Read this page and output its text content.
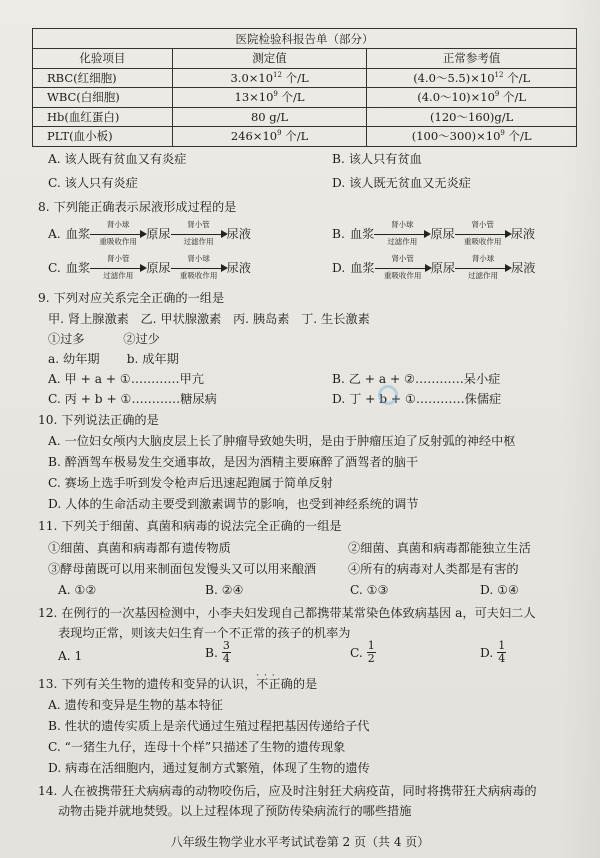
医院检验科报告单（部分）		
化验项目	测定值	正常参考值
RBC(红细胞)	$3.0\times 10^{12}$ 个/L	$(4.0\sim 5.5)\times 10^{12}$ 个/L
WBC(白细胞)	$13\times 10^9$ 个/L	$(4.0\sim 10)\times 10^9$ 个/L
Hb(血红蛋白)	80 g/L	(120～160)g/L
PLT(血小板)	$246\times 10^9$ 个/L	$(100\sim 300)\times 10^9$ 个/L
A. 该人既有贫血又有炎症	B. 该人只有贫血
C. 该人只有炎症	D. 该人既无贫血又无炎症
8. 下列能正确表示尿液形成过程的是
A.
血浆
肾小球
重吸收作用 原尿
肾小管
过滤作用	尿液	B.
血浆
肾小球
过滤作用	原尿
肾小管
重吸收作用 尿液
C.
血浆
肾小管
过滤作用	原尿
肾小球
重吸收作用 尿液	D.
血浆
肾小管
重吸收作用 原尿
肾小球
过滤作用	尿液
9. 下列对应关系完全正确的一组是
甲. 肾上腺激素   乙. 甲状腺激素   丙. 胰岛素   丁. 生长激素
①过多          ②过少
a. 幼年期       b. 成年期
A. 甲 + a + ①…………甲亢	B. 乙 + a + ②…………呆小症
C. 丙 + b + ①…………糖尿病	D. 丁 + b + ①…………侏儒症
10. 下列说法正确的是
A. 一位妇女颅内大脑皮层上长了肿瘤导致她失明，是由于肿瘤压迫了反射弧的神经中枢
B. 醉酒驾车极易发生交通事故，是因为酒精主要麻醉了酒驾者的脑干
C. 赛场上选手听到发令枪声后迅速起跑属于简单反射
D. 人体的生命活动主要受到激素调节的影响，也受到神经系统的调节
11. 下列关于细菌、真菌和病毒的说法完全正确的一组是
①细菌、真菌和病毒都有遗传物质	②细菌、真菌和病毒都能独立生活
③酵母菌既可以用来制面包发馒头又可以用来酿酒	④所有的病毒对人类都是有害的
A. ①②	B. ②④	C. ①③	D. ①④
12. 在例行的一次基因检测中，小李夫妇发现自己都携带某常染色体致病基因 a，可夫妇二人
表现均正常，则该夫妇生育一个不正常的孩子的机率为
A. 1	B. $\frac{3}{4}$	C. $\frac{1}{2}$	D. $\frac{1}{4}$
13. 下列有关生物的遗传和变异的认识，不正确 · · ·的是
A. 遗传和变异是生物的基本特征
B. 性状的遗传实质上是亲代通过生殖过程把基因传递给子代
C. “一猪生九仔，连母十个样”只描述了生物的遗传现象
D. 病毒在活细胞内，通过复制方式繁殖，体现了生物的遗传
14. 人在被携带狂犬病病毒的动物咬伤后，应及时注射狂犬病疫苗，同时将携带狂犬病病毒的
动物击毙并就地焚毁。以上过程体现了预防传染病流行的哪些措施
八年级生物学业水平考试试卷第 2 页（共 4 页）
